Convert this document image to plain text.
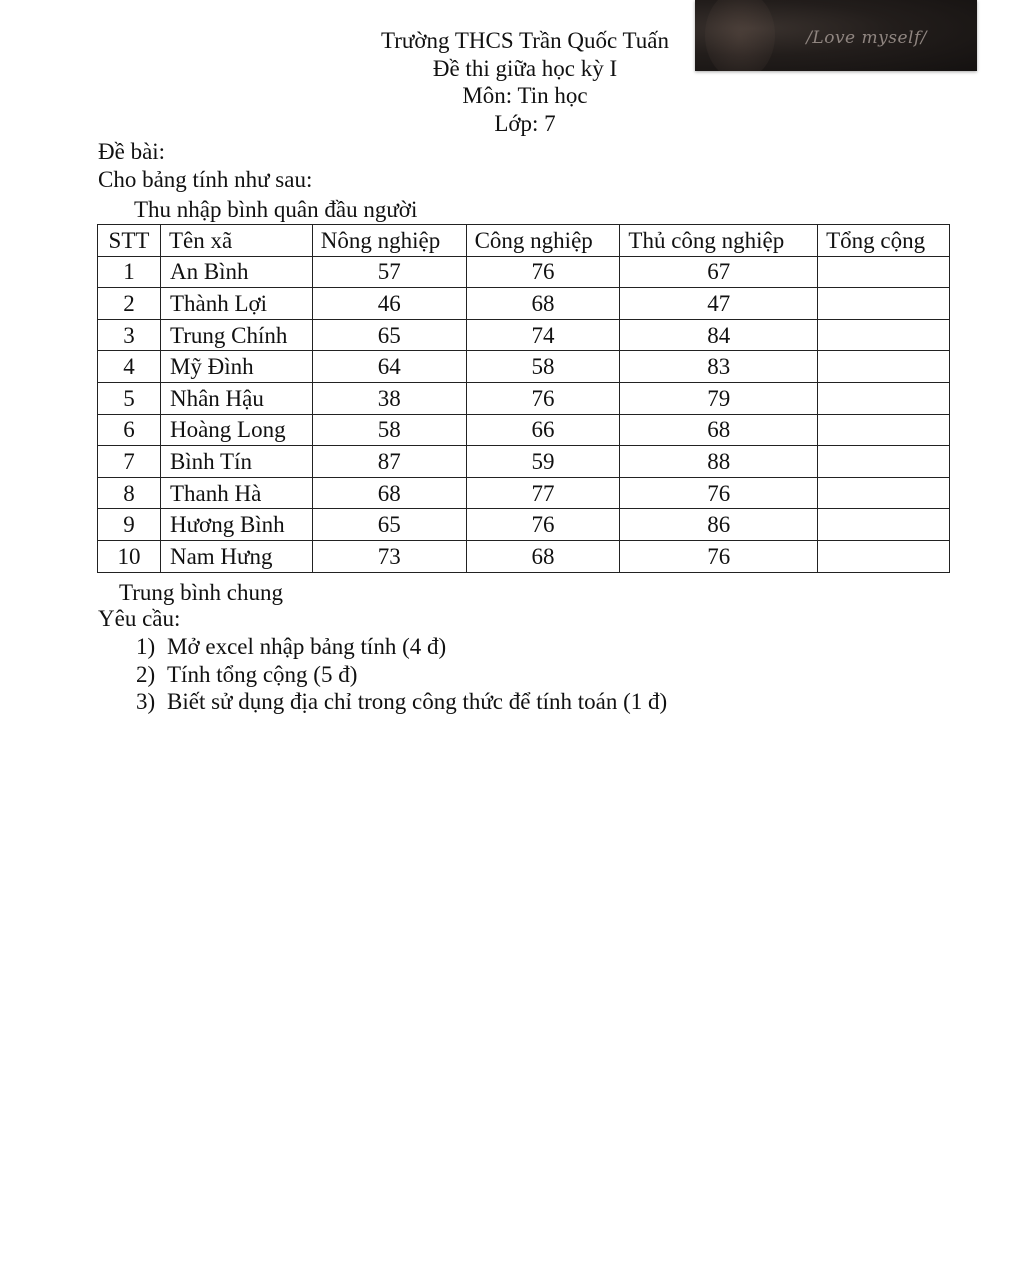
/Love myself/
Trường THCS Trần Quốc Tuấn
Đề thi giữa học kỳ I
Môn: Tin học
Lớp: 7
Đề bài:
Cho bảng tính như sau:
Thu nhập bình quân đầu người
STT	Tên xã	Nông nghiệp	Công nghiệp	Thủ công nghiệp	Tổng cộng
1	An Bình	57	76	67	
2	Thành Lợi	46	68	47	
3	Trung Chính	65	74	84	
4	Mỹ Đình	64	58	83	
5	Nhân Hậu	38	76	79	
6	Hoàng Long	58	66	68	
7	Bình Tín	87	59	88	
8	Thanh Hà	68	77	76	
9	Hương Bình	65	76	86	
10	Nam Hưng	73	68	76	
Trung bình chung
Yêu cầu:
1) Mở excel nhập bảng tính (4 đ)
2) Tính tổng cộng (5 đ)
3) Biết sử dụng địa chỉ trong công thức để tính toán (1 đ)
